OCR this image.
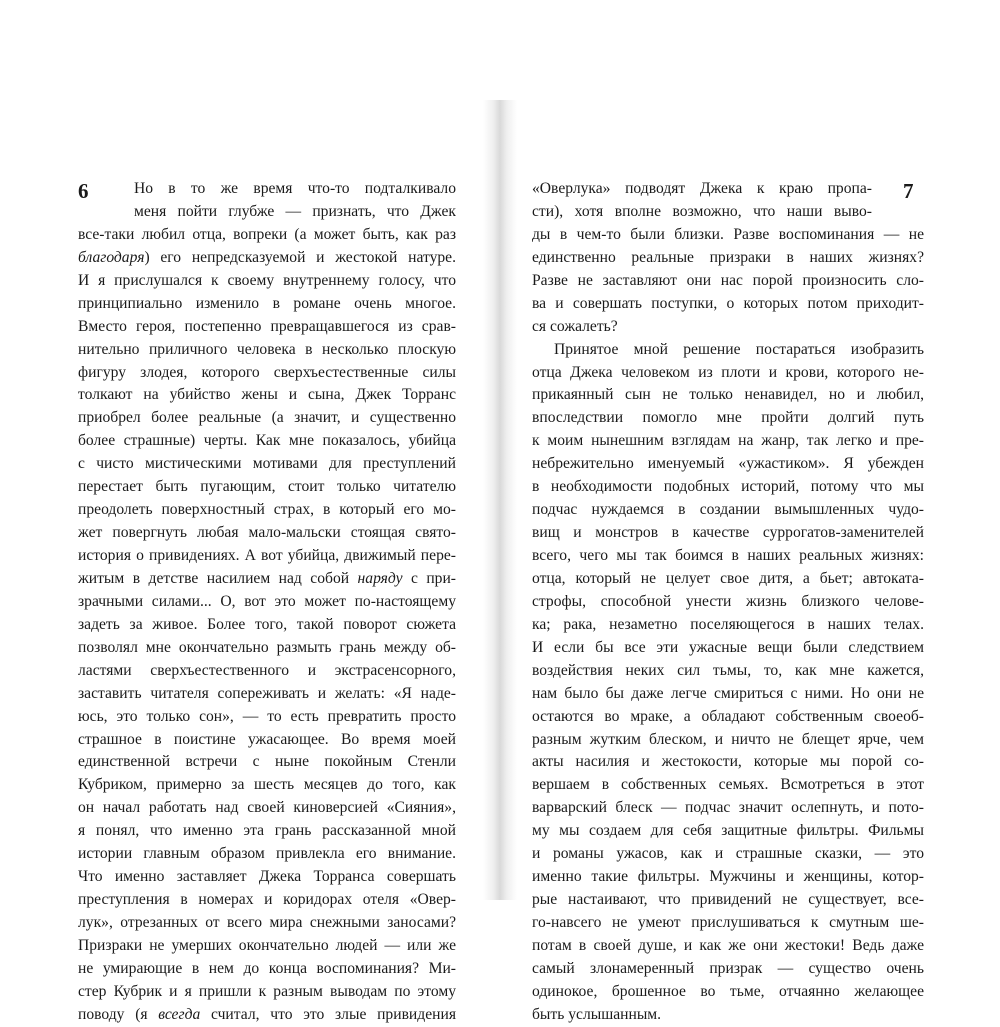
6	7
Но в то же время что-то подталкивало
меня пойти глубже — признать, что Джек
все-таки любил отца, вопреки (а может быть, как раз
благодаря) его непредсказуемой и жестокой натуре.
И я прислушался к своему внутреннему голосу, что
принципиально изменило в романе очень многое.
Вместо героя, постепенно превращавшегося из срав-
нительно приличного человека в несколько плоскую
фигуру злодея, которого сверхъестественные силы
толкают на убийство жены и сына, Джек Торранс
приобрел более реальные (а значит, и существенно
более страшные) черты. Как мне показалось, убийца
с чисто мистическими мотивами для преступлений
перестает быть пугающим, стоит только читателю
преодолеть поверхностный страх, в который его мо-
жет повергнуть любая мало-мальски стоящая свято-
история о привидениях. А вот убийца, движимый пере-
житым в детстве насилием над собой наряду с при-
зрачными силами... О, вот это может по-настоящему
задеть за живое. Более того, такой поворот сюжета
позволял мне окончательно размыть грань между об-
ластями сверхъестественного и экстрасенсорного,
заставить читателя сопереживать и желать: «Я наде-
юсь, это только сон», — то есть превратить просто
страшное в поистине ужасающее. Во время моей
единственной встречи с ныне покойным Стенли
Кубриком, примерно за шесть месяцев до того, как
он начал работать над своей киноверсией «Сияния»,
я понял, что именно эта грань рассказанной мной
истории главным образом привлекла его внимание.
Что именно заставляет Джека Торранса совершать
преступления в номерах и коридорах отеля «Овер-
лук», отрезанных от всего мира снежными заносами?
Призраки не умерших окончательно людей — или же
не умирающие в нем до конца воспоминания? Ми-
стер Кубрик и я пришли к разным выводам по этому
поводу (я всегда считал, что это злые привидения
«Оверлука» подводят Джека к краю пропа-
сти), хотя вполне возможно, что наши выво-
ды в чем-то были близки. Разве воспоминания — не
единственно реальные призраки в наших жизнях?
Разве не заставляют они нас порой произносить сло-
ва и совершать поступки, о которых потом приходит-
ся сожалеть?
Принятое мной решение постараться изобразить
отца Джека человеком из плоти и крови, которого не-
прикаянный сын не только ненавидел, но и любил,
впоследствии помогло мне пройти долгий путь
к моим нынешним взглядам на жанр, так легко и пре-
небрежительно именуемый «ужастиком». Я убежден
в необходимости подобных историй, потому что мы
подчас нуждаемся в создании вымышленных чудо-
вищ и монстров в качестве суррогатов-заменителей
всего, чего мы так боимся в наших реальных жизнях:
отца, который не целует свое дитя, а бьет; автоката-
строфы, способной унести жизнь близкого челове-
ка; рака, незаметно поселяющегося в наших телах.
И если бы все эти ужасные вещи были следствием
воздействия неких сил тьмы, то, как мне кажется,
нам было бы даже легче смириться с ними. Но они не
остаются во мраке, а обладают собственным своеоб-
разным жутким блеском, и ничто не блещет ярче, чем
акты насилия и жестокости, которые мы порой со-
вершаем в собственных семьях. Всмотреться в этот
варварский блеск — подчас значит ослепнуть, и пото-
му мы создаем для себя защитные фильтры. Фильмы
и романы ужасов, как и страшные сказки, — это
именно такие фильтры. Мужчины и женщины, котор-
рые настаивают, что привидений не существует, все-
го-навсего не умеют прислушиваться к смутным ше-
потам в своей душе, и как же они жестоки! Ведь даже
самый злонамеренный призрак — существо очень
одинокое, брошенное во тьме, отчаянно желающее
быть услышанным.
